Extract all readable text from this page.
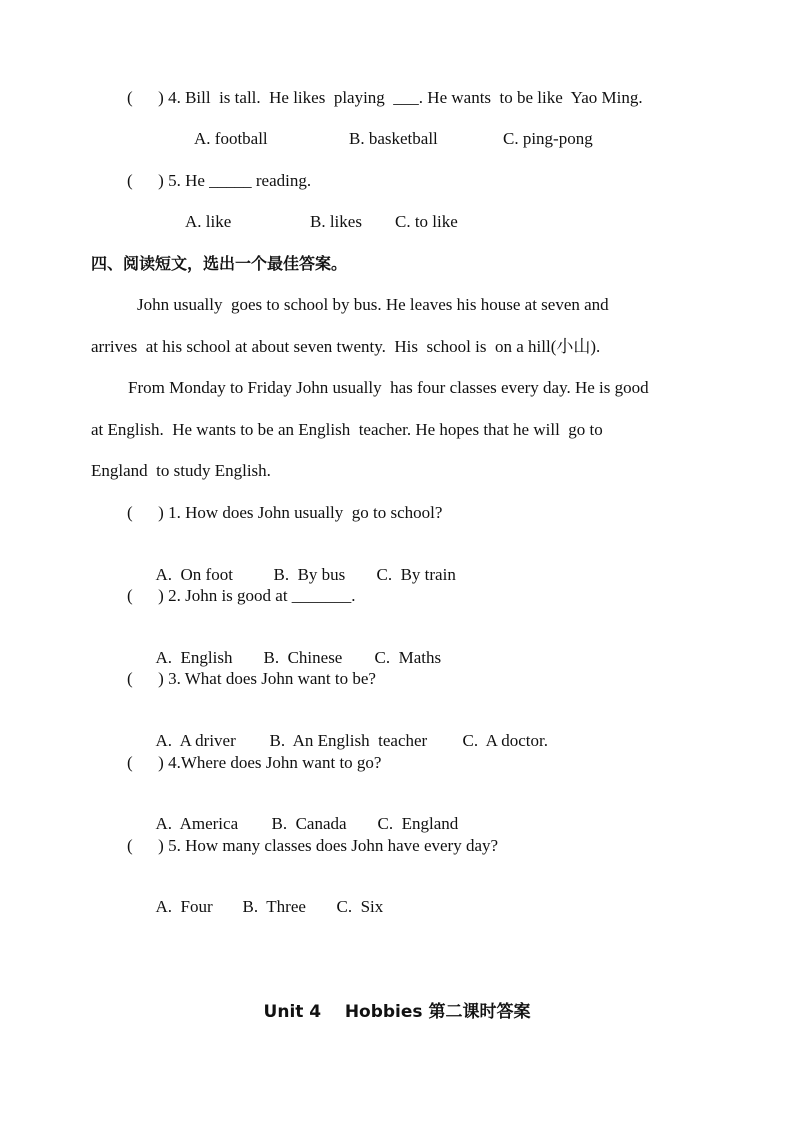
(      ) 4. Bill  is tall.  He likes  playing  ___. He wants  to be like  Yao Ming.
A. football	B. basketball	C. ping-pong
(      ) 5. He _____ reading.
A. like	B. likes C. to like
四、阅读短文，选出一个最佳答案。
John usually  goes to school by bus. He leaves his house at seven and
arrives  at his school at about seven twenty.  His  school is  on a hill(小山).
From Monday to Friday John usually  has four classes every day. He is good
at English.  He wants to be an English  teacher. He hopes that he will  go to
England  to study English.
(      ) 1. How does John usually  go to school?

A.  On foot B.  By bus C.  By train

(      ) 2. John is good at _______.

A.  English B.  Chinese C.  Maths

(      ) 3. What does John want to be?

A.  A driver B.  An English  teacher C.  A doctor.

(      ) 4.Where does John want to go?

A.  America B.  Canada C.  England

(      ) 5. How many classes does John have every day?

A.  Four B.  Three C.  Six

Unit 4    Hobbies 第二课时答案
